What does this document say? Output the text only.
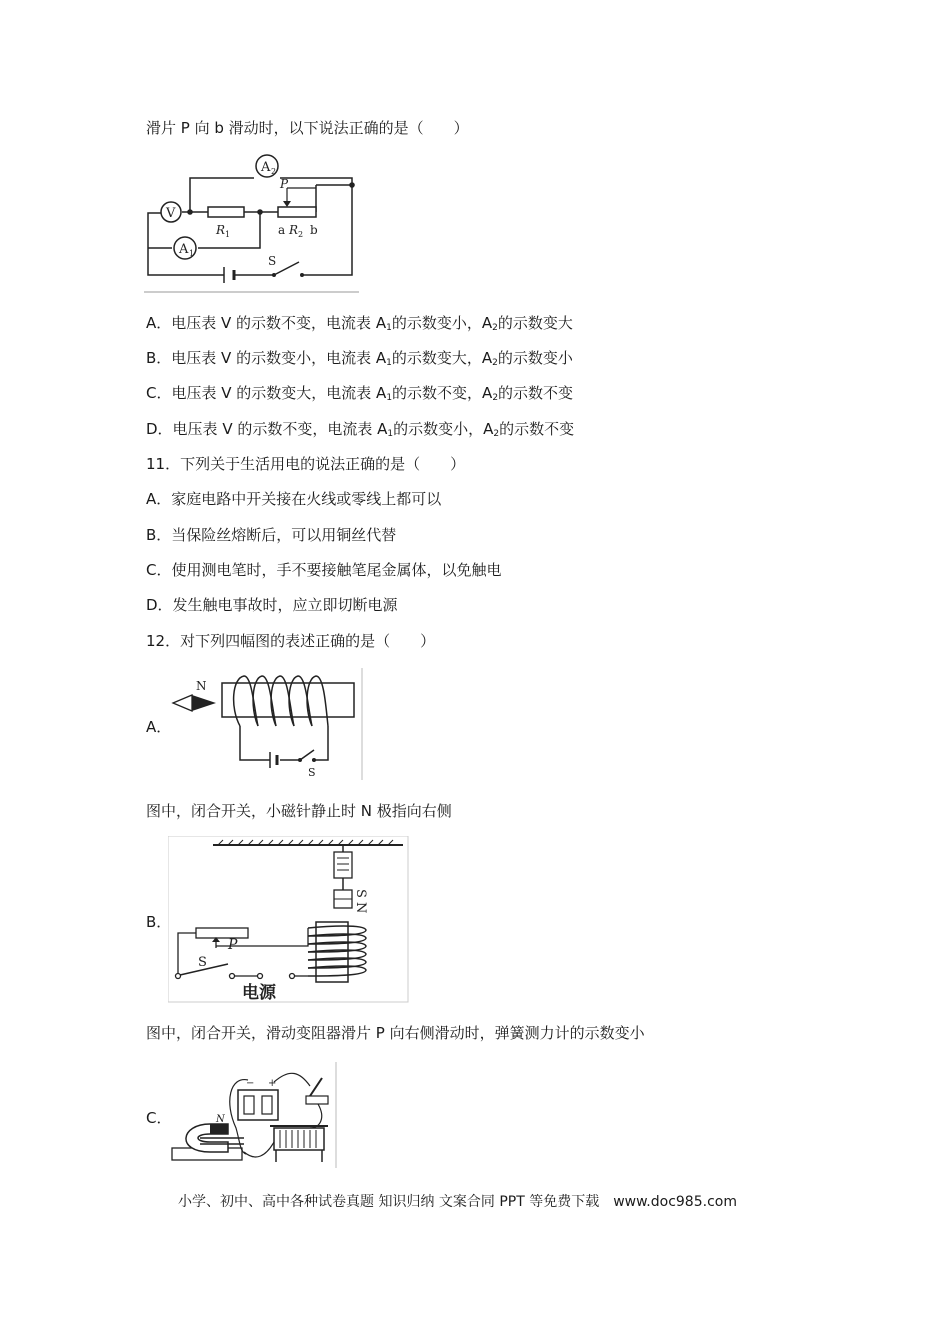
滑片 P 向 b 滑动时，以下说法正确的是（　　）
A 2
V
R 1
P
a R 2 b
A 1
S
A．电压表 V 的示数不变，电流表 $A_1$的示数变小，$A_2$的示数变大
B．电压表 V 的示数变小，电流表 $A_1$的示数变大，$A_2$的示数变小
C．电压表 V 的示数变大，电流表 $A_1$的示数不变，$A_2$的示数不变
D．电压表 V 的示数不变，电流表 $A_1$的示数变小，$A_2$的示数不变
11．下列关于生活用电的说法正确的是（　　）
A．家庭电路中开关接在火线或零线上都可以
B．当保险丝熔断后，可以用铜丝代替
C．使用测电笔时，手不要接触笔尾金属体，以免触电
D．发生触电事故时，应立即切断电源
12．对下列四幅图的表述正确的是（　　）
A．
N
S
图中，闭合开关，小磁针静止时 N 极指向右侧
B．
S
N
P
S
电源
图中，闭合开关，滑动变阻器滑片 P 向右侧滑动时，弹簧测力计的示数变小
C．	N
− +
小学、初中、高中各种试卷真题 知识归纳 文案合同 PPT 等免费下载　www.doc985.com
